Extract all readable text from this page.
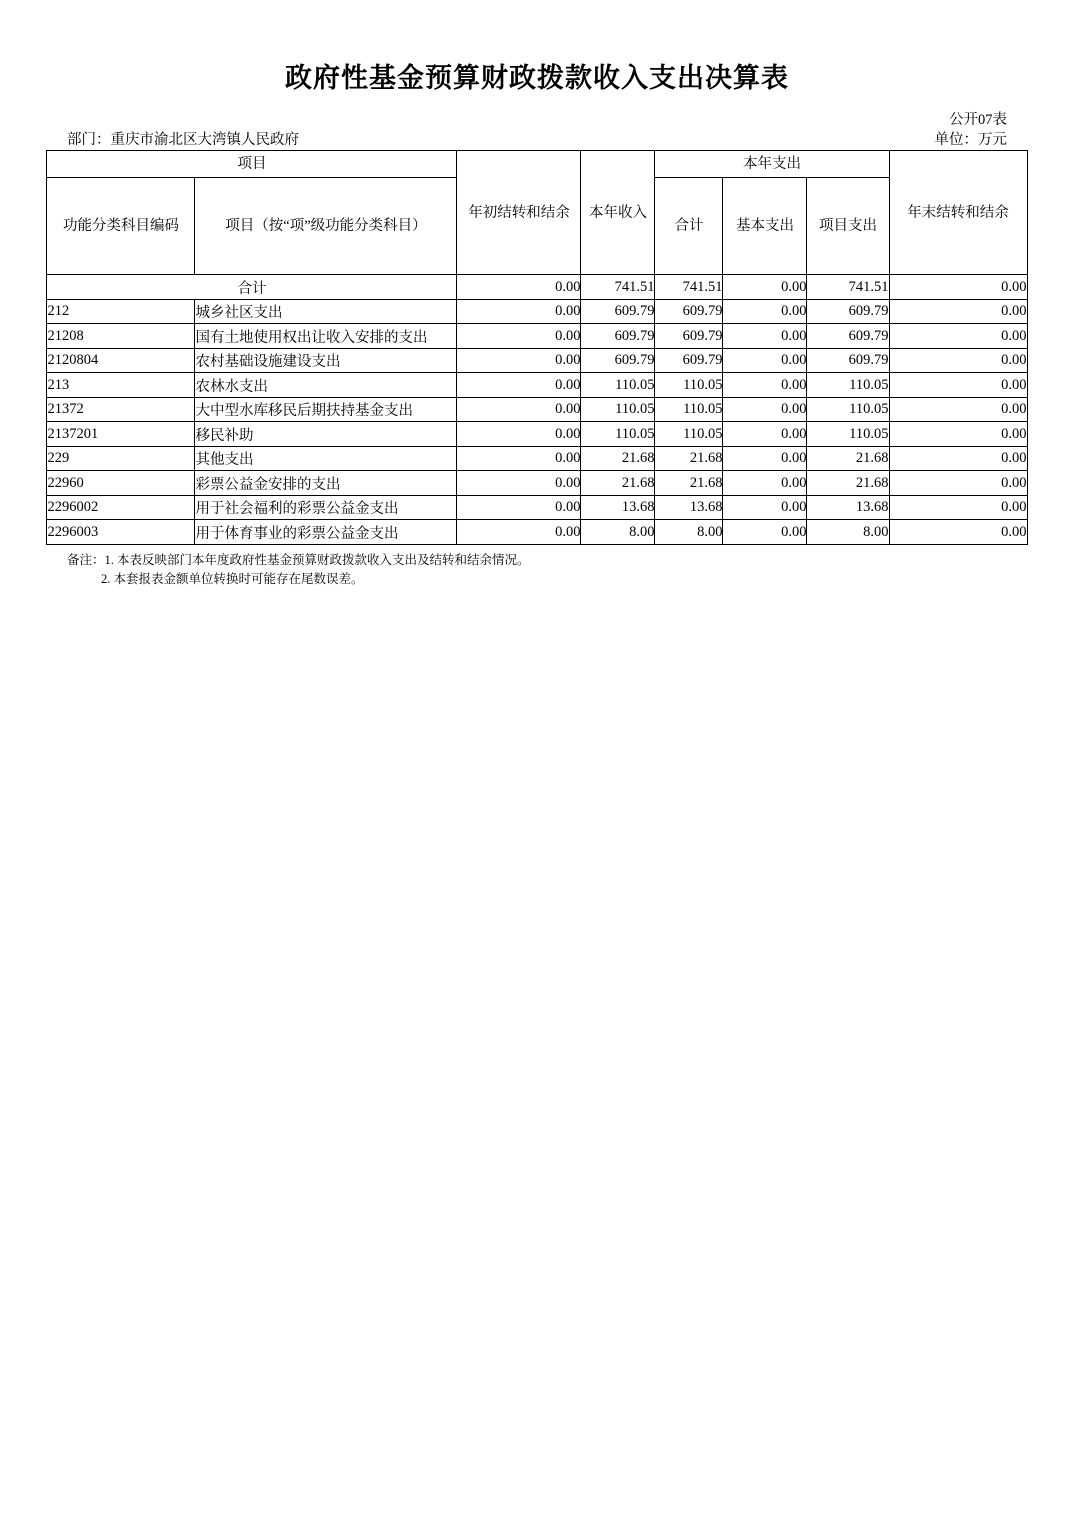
政府性基金预算财政拨款收入支出决算表
公开07表
部门：重庆市渝北区大湾镇人民政府	单位：万元
项目		年初结转和结余	本年收入	本年支出			年末结转和结余
功能分类科目编码	项目（按“项”级功能分类科目）			合计	基本支出	项目支出	
合计		0.00	741.51	741.51	0.00	741.51	0.00
212	城乡社区支出	0.00	609.79	609.79	0.00	609.79	0.00
21208	国有土地使用权出让收入安排的支出	0.00	609.79	609.79	0.00	609.79	0.00
2120804	农村基础设施建设支出	0.00	609.79	609.79	0.00	609.79	0.00
213	农林水支出	0.00	110.05	110.05	0.00	110.05	0.00
21372	大中型水库移民后期扶持基金支出	0.00	110.05	110.05	0.00	110.05	0.00
2137201	移民补助	0.00	110.05	110.05	0.00	110.05	0.00
229	其他支出	0.00	21.68	21.68	0.00	21.68	0.00
22960	彩票公益金安排的支出	0.00	21.68	21.68	0.00	21.68	0.00
2296002	用于社会福利的彩票公益金支出	0.00	13.68	13.68	0.00	13.68	0.00
2296003	用于体育事业的彩票公益金支出	0.00	8.00	8.00	0.00	8.00	0.00
备注：1. 本表反映部门本年度政府性基金预算财政拨款收入支出及结转和结余情况。
2. 本套报表金额单位转换时可能存在尾数误差。
